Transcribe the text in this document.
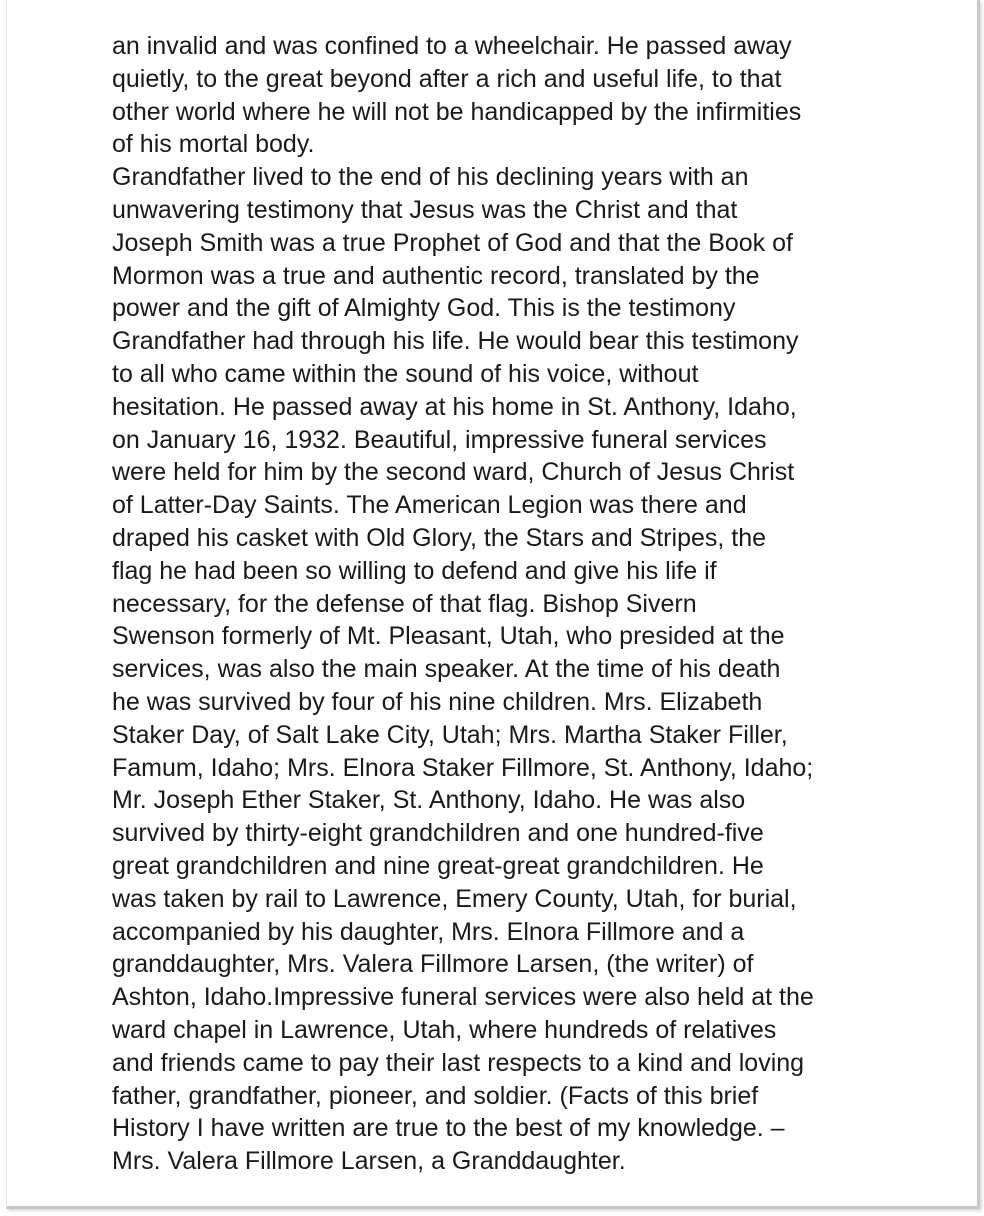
an invalid and was confined to a wheelchair. He passed away
quietly, to the great beyond after a rich and useful life, to that
other world where he will not be handicapped by the infirmities
of his mortal body.
Grandfather lived to the end of his declining years with an
unwavering testimony that Jesus was the Christ and that
Joseph Smith was a true Prophet of God and that the Book of
Mormon was a true and authentic record, translated by the
power and the gift of Almighty God. This is the testimony
Grandfather had through his life. He would bear this testimony
to all who came within the sound of his voice, without
hesitation. He passed away at his home in St. Anthony, Idaho,
on January 16, 1932. Beautiful, impressive funeral services
were held for him by the second ward, Church of Jesus Christ
of Latter-Day Saints. The American Legion was there and
draped his casket with Old Glory, the Stars and Stripes, the
flag he had been so willing to defend and give his life if
necessary, for the defense of that flag. Bishop Sivern
Swenson formerly of Mt. Pleasant, Utah, who presided at the
services, was also the main speaker. At the time of his death
he was survived by four of his nine children. Mrs. Elizabeth
Staker Day, of Salt Lake City, Utah; Mrs. Martha Staker Filler,
Famum, Idaho; Mrs. Elnora Staker Fillmore, St. Anthony, Idaho;
Mr. Joseph Ether Staker, St. Anthony, Idaho. He was also
survived by thirty-eight grandchildren and one hundred-five
great grandchildren and nine great-great grandchildren. He
was taken by rail to Lawrence, Emery County, Utah, for burial,
accompanied by his daughter, Mrs. Elnora Fillmore and a
granddaughter, Mrs. Valera Fillmore Larsen, (the writer) of
Ashton, Idaho.Impressive funeral services were also held at the
ward chapel in Lawrence, Utah, where hundreds of relatives
and friends came to pay their last respects to a kind and loving
father, grandfather, pioneer, and soldier. (Facts of this brief
History I have written are true to the best of my knowledge. –
Mrs. Valera Fillmore Larsen, a Granddaughter.
